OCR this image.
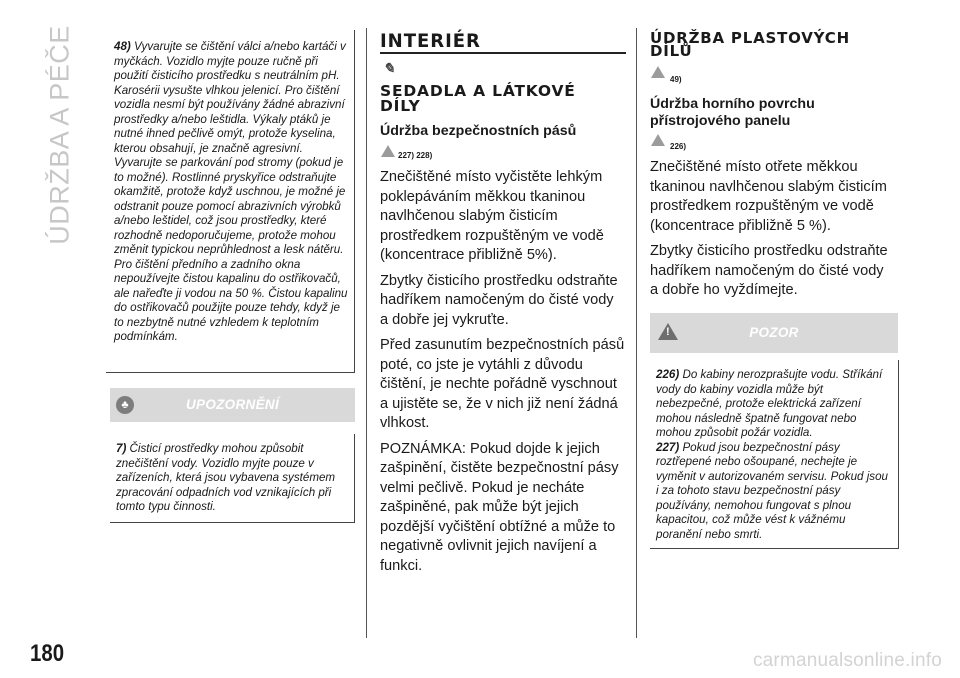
ÚDRŽBA A PÉČE	48) Vyvarujte se čištění válci a/nebo kartáči v myčkách. Vozidlo myjte pouze ručně při použití čisticího prostředku s neutrálním pH. Karosérii vysušte vlhkou jelenicí. Pro čištění vozidla nesmí být používány žádné abrazivní prostředky a/nebo leštidla. Výkaly ptáků je nutné ihned pečlivě omýt, protože kyselina, kterou obsahují, je značně agresivní. Vyvarujte se parkování pod stromy (pokud je to možné). Rostlinné pryskyřice odstraňujte okamžitě, protože když uschnou, je možné je odstranit pouze pomocí abrazivních výrobků a/nebo leštidel, což jsou prostředky, které rozhodně nedoporučujeme, protože mohou změnit typickou neprůhlednost a lesk nátěru. Pro čištění předního a zadního okna nepoužívejte čistou kapalinu do ostřikovačů, ale nařeďte ji vodou na 50 %. Čistou kapalinu do ostřikovačů použijte pouze tehdy, když je to nezbytně nutné vzhledem k teplotním podmínkám.
♣	UPOZORNĚNÍ
7) Čisticí prostředky mohou způsobit znečištění vody. Vozidlo myjte pouze v zařízeních, která jsou vybavena systémem zpracování odpadních vod vznikajících při tomto typu činnosti.
INTERIÉR
✎
SEDADLA A LÁTKOVÉ DÍLY
Údržba bezpečnostních pásů
227) 228)

Znečištěné místo vyčistěte lehkým poklepáváním měkkou tkaninou navlhčenou slabým čisticím prostředkem rozpuštěným ve vodě (koncentrace přibližně 5%).

Zbytky čisticího prostředku odstraňte hadříkem namočeným do čisté vody a dobře jej vykruťte.

Před zasunutím bezpečnostních pásů poté, co jste je vytáhli z důvodu čištění, je nechte pořádně vyschnout a ujistěte se, že v nich již není žádná vlhkost.

POZNÁMKA: Pokud dojde k jejich zašpinění, čistěte bezpečnostní pásy velmi pečlivě. Pokud je necháte zašpiněné, pak může být jejich pozdější vyčištění obtížné a může to negativně ovlivnit jejich navíjení a funkci.

ÚDRŽBA PLASTOVÝCH DÍLŮ
49)
Údržba horního povrchu přístrojového panelu
226)

Znečištěné místo otřete měkkou tkaninou navlhčenou slabým čisticím prostředkem rozpuštěným ve vodě (koncentrace přibližně 5 %).

Zbytky čisticího prostředku odstraňte hadříkem namočeným do čisté vody a dobře ho vyždímejte.

!
POZOR
226) Do kabiny nerozprašujte vodu. Stříkání vody do kabiny vozidla může být nebezpečné, protože elektrická zařízení mohou následně špatně fungovat nebo mohou způsobit požár vozidla.
227) Pokud jsou bezpečnostní pásy roztřepené nebo ošoupané, nechejte je vyměnit v autorizovaném servisu. Pokud jsou i za tohoto stavu bezpečnostní pásy používány, nemohou fungovat s plnou kapacitou, což může vést k vážnému poranění nebo smrti.
180	carmanualsonline.info
